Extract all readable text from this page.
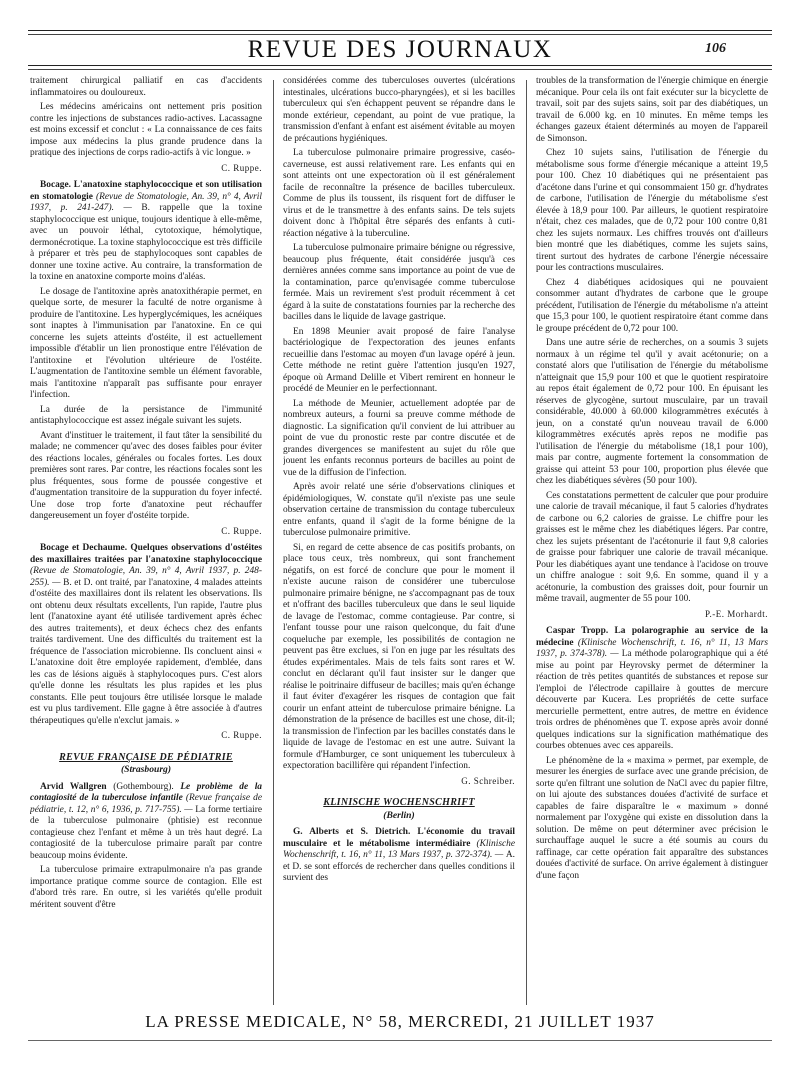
REVUE DES JOURNAUX	106

traitement chirurgical palliatif en cas d'accidents inflammatoires ou douloureux.

Les médecins américains ont nettement pris position contre les injections de substances radio-actives. Lacassagne est moins excessif et conclut : « La connaissance de ces faits impose aux médecins la plus grande prudence dans la pratique des injections de corps radio-actifs à vic longue. »

C. Ruppe.

Bocage. L'anatoxine staphylococcique et son utilisation en stomatologie (Revue de Stomatologie, An. 39, n° 4, Avril 1937, p. 241-247). — B. rappelle que la toxine staphylococcique est unique, toujours identique à elle-même, avec un pouvoir léthal, cytotoxique, hémolytique, dermonécrotique. La toxine staphylococcique est très difficile à préparer et très peu de staphylocoques sont capables de donner une toxine active. Au contraire, la transformation de la toxine en anatoxine comporte moins d'aléas.

Le dosage de l'antitoxine après anatoxithérapie permet, en quelque sorte, de mesurer la faculté de notre organisme à produire de l'antitoxine. Les hyperglycémiques, les acnéiques sont inaptes à l'immunisation par l'anatoxine. En ce qui concerne les sujets atteints d'ostéite, il est actuellement impossible d'établir un lien pronostique entre l'élévation de l'antitoxine et l'évolution ultérieure de l'ostéite. L'augmentation de l'antitoxine semble un élément favorable, mais l'antitoxine n'apparaît pas suffisante pour enrayer l'infection.

La durée de la persistance de l'immunité antistaphylococcique est assez inégale suivant les sujets.

Avant d'instituer le traitement, il faut tâter la sensibilité du malade; ne commencer qu'avec des doses faibles pour éviter des réactions locales, générales ou focales fortes. Les doux premières sont rares. Par contre, les réactions focales sont les plus fréquentes, sous forme de poussée congestive et d'augmentation transitoire de la suppuration du foyer infecté. Une dose trop forte d'anatoxine peut réchauffer dangereusement un foyer d'ostéite torpide.

C. Ruppe.

Bocage et Dechaume. Quelques observations d'ostéites des maxillaires traitées par l'anatoxine staphylococcique (Revue de Stomatologie, An. 39, n° 4, Avril 1937, p. 248-255). — B. et D. ont traité, par l'anatoxine, 4 malades atteints d'ostéite des maxillaires dont ils relatent les observations. Ils ont obtenu deux résultats excellents, l'un rapide, l'autre plus lent (l'anatoxine ayant été utilisée tardivement après échec des autres traitements), et deux échecs chez des enfants traités tardivement. Une des difficultés du traitement est la fréquence de l'association microbienne. Ils concluent ainsi « L'anatoxine doit être employée rapidement, d'emblée, dans les cas de lésions aiguës à staphylocoques purs. C'est alors qu'elle donne les résultats les plus rapides et les plus constants. Elle peut toujours être utilisée lorsque le malade est vu plus tardivement. Elle gagne à être associée à d'autres thérapeutiques qu'elle n'exclut jamais. »

C. Ruppe.
REVUE FRANÇAISE DE PÉDIATRIE
(Strasbourg)

Arvid Wallgren (Gothembourg). Le problème de la contagiosité de la tuberculose infantile (Revue française de pédiatrie, t. 12, n° 6, 1936, p. 717-755). — La forme tertiaire de la tuberculose pulmonaire (phtisie) est reconnue contagieuse chez l'enfant et même à un très haut degré. La contagiosité de la tuberculose primaire paraît par contre beaucoup moins évidente.

La tuberculose primaire extrapulmonaire n'a pas grande importance pratique comme source de contagion. Elle est d'abord très rare. En outre, si les variétés qu'elle produit méritent souvent d'être

considérées comme des tuberculoses ouvertes (ulcérations intestinales, ulcérations bucco-pharyngées), et si les bacilles tuberculeux qui s'en échappent peuvent se répandre dans le monde extérieur, cependant, au point de vue pratique, la transmission d'enfant à enfant est aisément évitable au moyen de précautions hygiéniques.

La tuberculose pulmonaire primaire progressive, caséo-caverneuse, est aussi relativement rare. Les enfants qui en sont atteints ont une expectoration où il est généralement facile de reconnaître la présence de bacilles tuberculeux. Comme de plus ils toussent, ils risquent fort de diffuser le virus et de le transmettre à des enfants sains. De tels sujets doivent donc à l'hôpital être séparés des enfants à cuti-réaction négative à la tuberculine.

La tuberculose pulmonaire primaire bénigne ou régressive, beaucoup plus fréquente, était considérée jusqu'à ces dernières années comme sans importance au point de vue de la contamination, parce qu'envisagée comme tuberculose fermée. Mais un revirement s'est produit récemment à cet égard à la suite de constatations fournies par la recherche des bacilles dans le liquide de lavage gastrique.

En 1898 Meunier avait proposé de faire l'analyse bactériologique de l'expectoration des jeunes enfants recueillie dans l'estomac au moyen d'un lavage opéré à jeun. Cette méthode ne retint guère l'attention jusqu'en 1927, époque où Armand Delille et Vibert remirent en honneur le procédé de Meunier en le perfectionnant.

La méthode de Meunier, actuellement adoptée par de nombreux auteurs, a fourni sa preuve comme méthode de diagnostic. La signification qu'il convient de lui attribuer au point de vue du pronostic reste par contre discutée et de grandes divergences se manifestent au sujet du rôle que jouent les enfants reconnus porteurs de bacilles au point de vue de la diffusion de l'infection.

Après avoir relaté une série d'observations cliniques et épidémiologiques, W. constate qu'il n'existe pas une seule observation certaine de transmission du contage tuberculeux entre enfants, quand il s'agit de la forme bénigne de la tuberculose pulmonaire primitive.

Si, en regard de cette absence de cas positifs probants, on place tous ceux, très nombreux, qui sont franchement négatifs, on est forcé de conclure que pour le moment il n'existe aucune raison de considérer une tuberculose pulmonaire primaire bénigne, ne s'accompagnant pas de toux et n'offrant des bacilles tuberculeux que dans le seul liquide de lavage de l'estomac, comme contagieuse. Par contre, si l'enfant tousse pour une raison quelconque, du fait d'une coqueluche par exemple, les possibilités de contagion ne peuvent pas être exclues, si l'on en juge par les résultats des études expérimentales. Mais de tels faits sont rares et W. conclut en déclarant qu'il faut insister sur le danger que réalise le poitrinaire diffuseur de bacilles; mais qu'en échange il faut éviter d'exagérer les risques de contagion que fait courir un enfant atteint de tuberculose primaire bénigne. La démonstration de la présence de bacilles est une chose, dit-il; la transmission de l'infection par les bacilles constatés dans le liquide de lavage de l'estomac en est une autre. Suivant la formule d'Hamburger, ce sont uniquement les tuberculeux à expectoration bacillifère qui répandent l'infection.

G. Schreiber.
KLINISCHE WOCHENSCHRIFT
(Berlin)

G. Alberts et S. Dietrich. L'économie du travail musculaire et le métabolisme intermédiaire (Klinische Wochenschrift, t. 16, n° 11, 13 Mars 1937, p. 372-374). — A. et D. se sont efforcés de rechercher dans quelles conditions il survient des

troubles de la transformation de l'énergie chimique en énergie mécanique. Pour cela ils ont fait exécuter sur la bicyclette de travail, soit par des sujets sains, soit par des diabétiques, un travail de 6.000 kg. en 10 minutes. En même temps les échanges gazeux étaient déterminés au moyen de l'appareil de Simonson.

Chez 10 sujets sains, l'utilisation de l'énergie du métabolisme sous forme d'énergie mécanique a atteint 19,5 pour 100. Chez 10 diabétiques qui ne présentaient pas d'acétone dans l'urine et qui consommaient 150 gr. d'hydrates de carbone, l'utilisation de l'énergie du métabolisme s'est élevée à 18,9 pour 100. Par ailleurs, le quotient respiratoire n'était, chez ces malades, que de 0,72 pour 100 contre 0,81 chez les sujets normaux. Les chiffres trouvés ont d'ailleurs bien montré que les diabétiques, comme les sujets sains, tirent surtout des hydrates de carbone l'énergie nécessaire pour les contractions musculaires.

Chez 4 diabétiques acidosiques qui ne pouvaient consommer autant d'hydrates de carbone que le groupe précédent, l'utilisation de l'énergie du métabolisme n'a atteint que 15,3 pour 100, le quotient respiratoire étant comme dans le groupe précédent de 0,72 pour 100.

Dans une autre série de recherches, on a soumis 3 sujets normaux à un régime tel qu'il y avait acétonurie; on a constaté alors que l'utilisation de l'énergie du métabolisme n'atteignait que 15,9 pour 100 et que le quotient respiratoire au repos était également de 0,72 pour 100. En épuisant les réserves de glycogène, surtout musculaire, par un travail considérable, 40.000 à 60.000 kilogrammètres exécutés à jeun, on a constaté qu'un nouveau travail de 6.000 kilogrammètres exécutés après repos ne modifie pas l'utilisation de l'énergie du métabolisme (18,1 pour 100), mais par contre, augmente fortement la consommation de graisse qui atteint 53 pour 100, proportion plus élevée que chez les diabétiques sévères (50 pour 100).

Ces constatations permettent de calculer que pour produire une calorie de travail mécanique, il faut 5 calories d'hydrates de carbone ou 6,2 calories de graisse. Le chiffre pour les graisses est le même chez les diabétiques légers. Par contre, chez les sujets présentant de l'acétonurie il faut 9,8 calories de graisse pour fabriquer une calorie de travail mécanique. Pour les diabétiques ayant une tendance à l'acidose on trouve un chiffre analogue : soit 9,6. En somme, quand il y a acétonurie, la combustion des graisses doit, pour fournir un même travail, augmenter de 55 pour 100.

P.-E. Morhardt.

Caspar Tropp. La polarographie au service de la médecine (Klinische Wochenschrift, t. 16, n° 11, 13 Mars 1937, p. 374-378). — La méthode polarographique qui a été mise au point par Heyrovsky permet de déterminer la réaction de très petites quantités de substances et repose sur l'emploi de l'électrode capillaire à gouttes de mercure découverte par Kucera. Les propriétés de cette surface mercurielle permettent, entre autres, de mettre en évidence trois ordres de phénomènes que T. expose après avoir donné quelques indications sur la signification mathématique des courbes obtenues avec ces appareils.

Le phénomène de la « maxima » permet, par exemple, de mesurer les énergies de surface avec une grande précision, de sorte qu'en filtrant une solution de NaCl avec du papier filtre, on lui ajoute des substances douées d'activité de surface et capables de faire disparaître le « maximum » donné normalement par l'oxygène qui existe en dissolution dans la solution. De même on peut déterminer avec précision le surchauffage auquel le sucre a été soumis au cours du raffinage, car cette opération fait apparaître des substances douées d'activité de surface. On arrive également à distinguer d'une façon

LA PRESSE MEDICALE, N° 58, MERCREDI, 21 JUILLET 1937
